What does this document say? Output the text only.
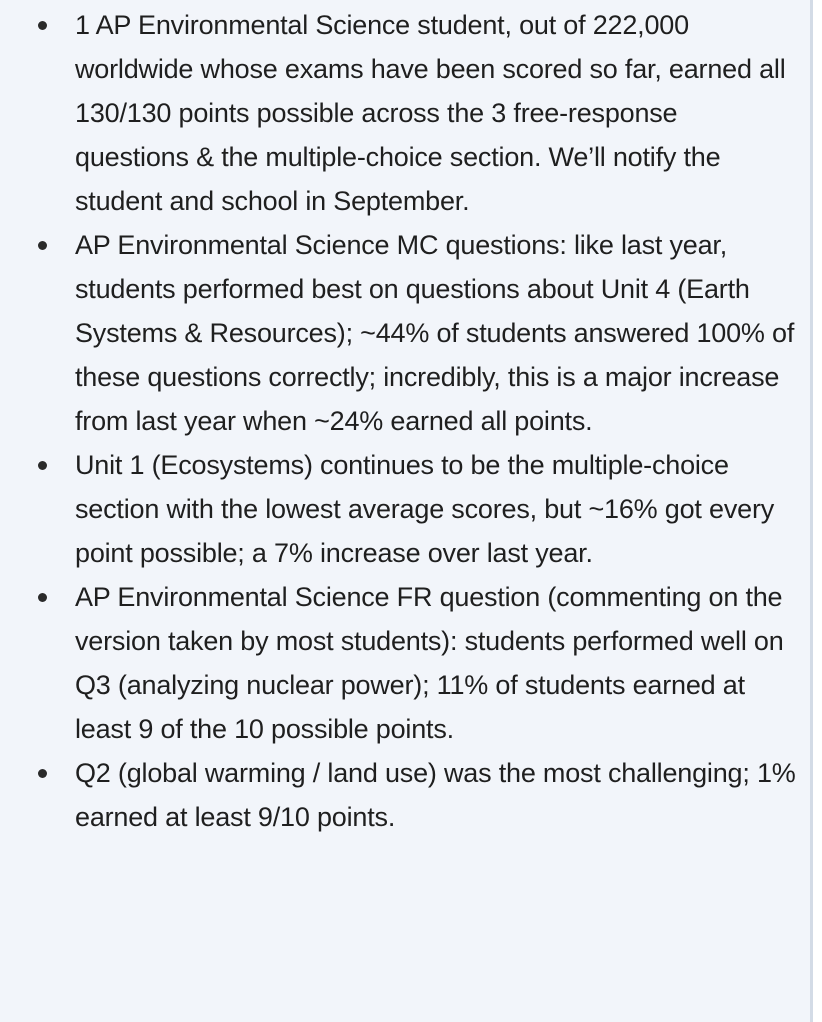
1 AP Environmental Science student, out of 222,000 worldwide whose exams have been scored so far, earned all 130/130 points possible across the 3 free-response questions & the multiple-choice section. We’ll notify the student and school in September.
AP Environmental Science MC questions: like last year, students performed best on questions about Unit 4 (Earth Systems & Resources); ~44% of students answered 100% of these questions correctly; incredibly, this is a major increase from last year when ~24% earned all points.
Unit 1 (Ecosystems) continues to be the multiple-choice section with the lowest average scores, but ~16% got every point possible; a 7% increase over last year.
AP Environmental Science FR question (commenting on the version taken by most students): students performed well on Q3 (analyzing nuclear power); 11% of students earned at least 9 of the 10 possible points.
Q2 (global warming / land use) was the most challenging; 1% earned at least 9/10 points.
